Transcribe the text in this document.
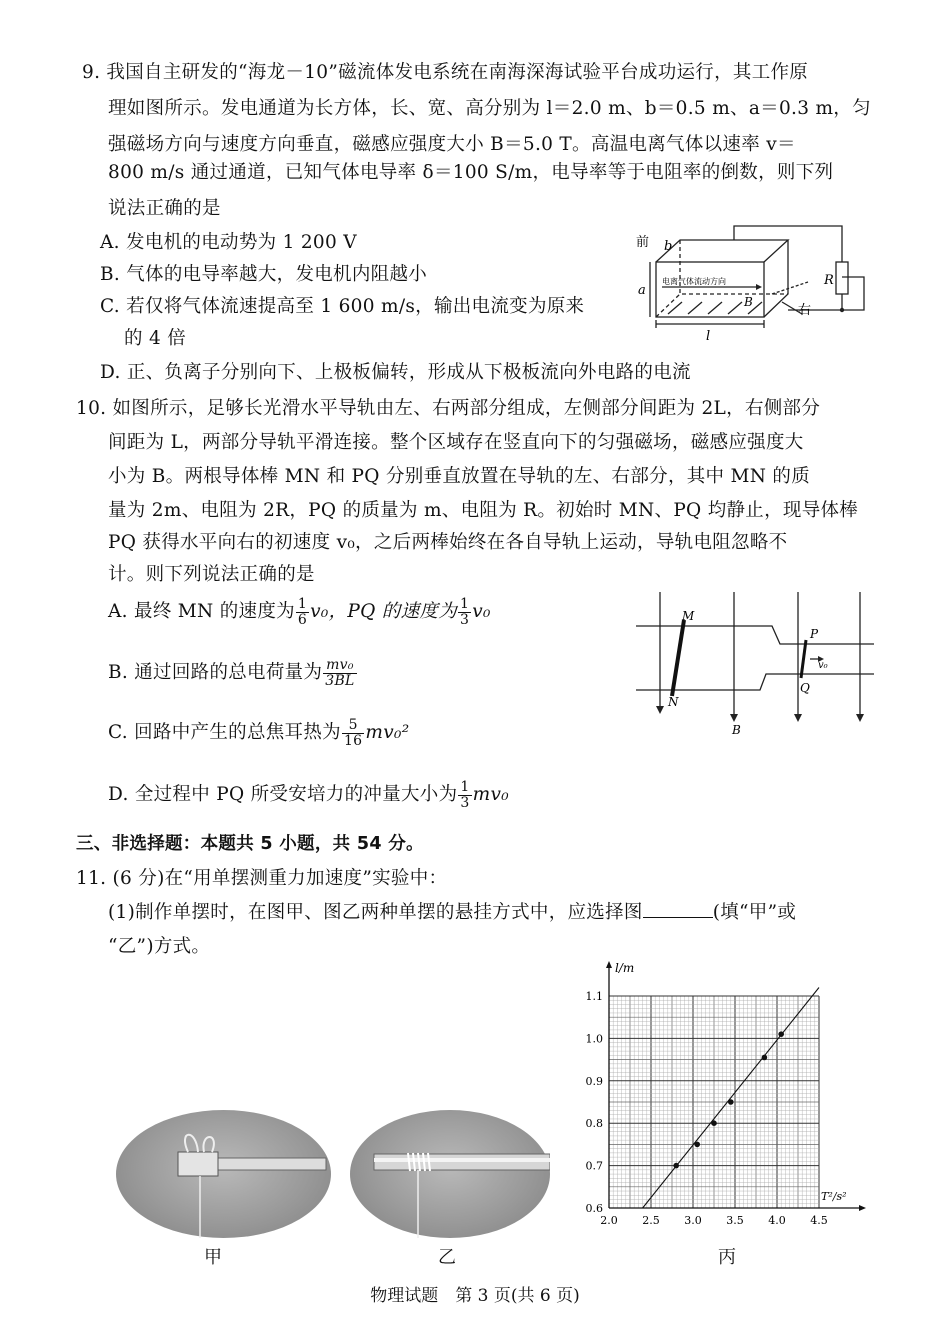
9. 我国自主研发的“海龙－10”磁流体发电系统在南海深海试验平台成功运行，其工作原
理如图所示。发电通道为长方体，长、宽、高分别为 l＝2.0 m、b＝0.5 m、a＝0.3 m，匀
强磁场方向与速度方向垂直，磁感应强度大小 B＝5.0 T。高温电离气体以速率 v＝
800 m/s 通过通道，已知气体电导率 δ＝100 S/m，电导率等于电阻率的倒数，则下列
说法正确的是
A. 发电机的电动势为 1 200 V
B. 气体的电导率越大，发电机内阻越小
C. 若仅将气体流速提高至 1 600 m/s，输出电流变为原来
的 4 倍
D. 正、负离子分别向下、上极板偏转，形成从下极板流向外电路的电流
前 b
a
l
R
右
B
电离气体流动方向
10. 如图所示，足够长光滑水平导轨由左、右两部分组成，左侧部分间距为 2L，右侧部分
间距为 L，两部分导轨平滑连接。整个区域存在竖直向下的匀强磁场，磁感应强度大
小为 B。两根导体棒 MN 和 PQ 分别垂直放置在导轨的左、右部分，其中 MN 的质
量为 2m、电阻为 2R，PQ 的质量为 m、电阻为 R。初始时 MN、PQ 均静止，现导体棒
PQ 获得水平向右的初速度 v₀，之后两棒始终在各自导轨上运动，导轨电阻忽略不
计。则下列说法正确的是
A. 最终 MN 的速度为 $\frac{1}{6} v_0$，PQ 的速度为 $\frac{1}{3} v_0$
B. 通过回路的总电荷量为 $\frac{\text{mv₀}}{3BL}$
C. 回路中产生的总焦耳热为 $\frac{5}{16} mv_0^2$
D. 全过程中 PQ 所受安培力的冲量大小为 $\frac{1}{3} mv_0$
M
N
P
Q
B
v₀
三、非选择题：本题共 5 小题，共 54 分。
11. (6 分)在“用单摆测重力加速度”实验中：
(1)制作单摆时，在图甲、图乙两种单摆的悬挂方式中，应选择图	(填“甲”或
“乙”)方式。
甲	乙	丙
2.0 2.5 3.0 3.5 4.0 4.5
0.6
0.7
0.8
0.9
1.0
1.1
l/m
T²/s²
物理试题　第 3 页(共 6 页)
